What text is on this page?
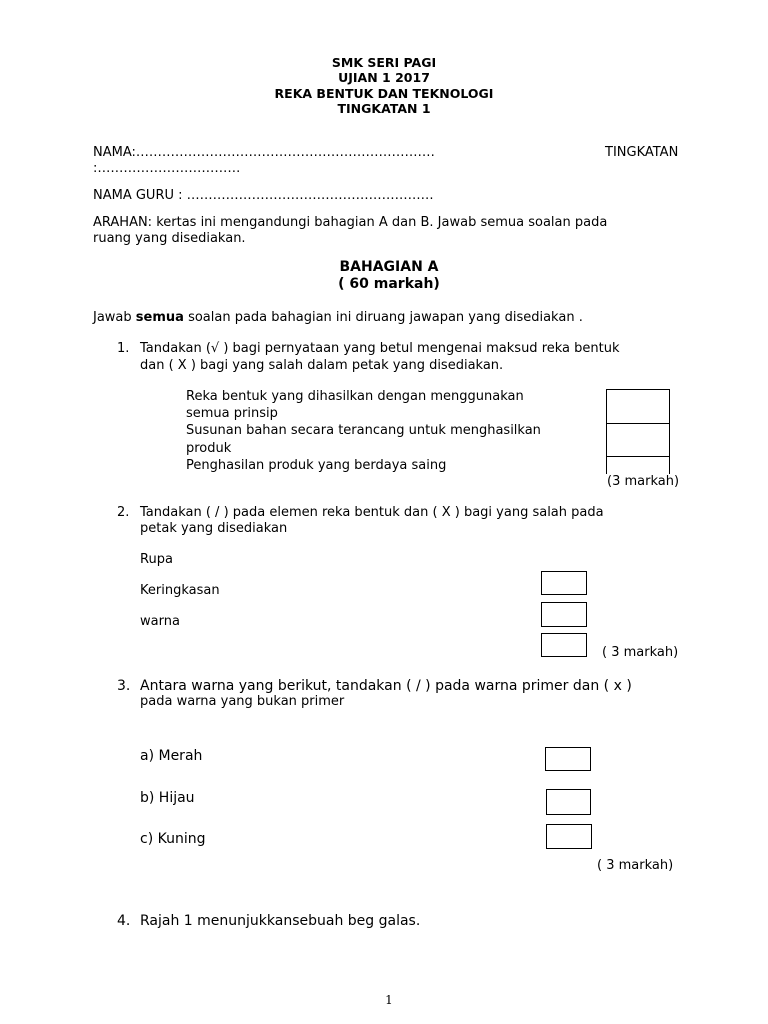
SMK SERI PAGI
UJIAN 1 2017
REKA BENTUK DAN TEKNOLOGI
TINGKATAN 1
NAMA:……………………………………………………………	TINGKATAN
:……………………………
NAMA GURU : …………………………………………………
ARAHAN: kertas ini mengandungi bahagian A dan B. Jawab semua soalan pada
ruang yang disediakan.
BAHAGIAN A
( 60 markah)
Jawab semua soalan pada bahagian ini diruang jawapan yang disediakan .
1. Tandakan (√ ) bagi pernyataan yang betul mengenai maksud reka bentuk
dan ( X ) bagi yang salah dalam petak yang disediakan.
Reka bentuk yang dihasilkan dengan menggunakan
semua prinsip
Susunan bahan secara terancang untuk menghasilkan
produk
Penghasilan produk yang berdaya saing
(3 markah)
2. Tandakan ( / ) pada elemen reka bentuk dan ( X ) bagi yang salah pada
petak yang disediakan
Rupa
Keringkasan
warna
( 3 markah)
3. Antara warna yang berikut, tandakan ( / ) pada warna primer dan ( x )
pada warna yang bukan primer
a) Merah
b) Hijau
c) Kuning
( 3 markah)
4. Rajah 1 menunjukkansebuah beg galas.
1
